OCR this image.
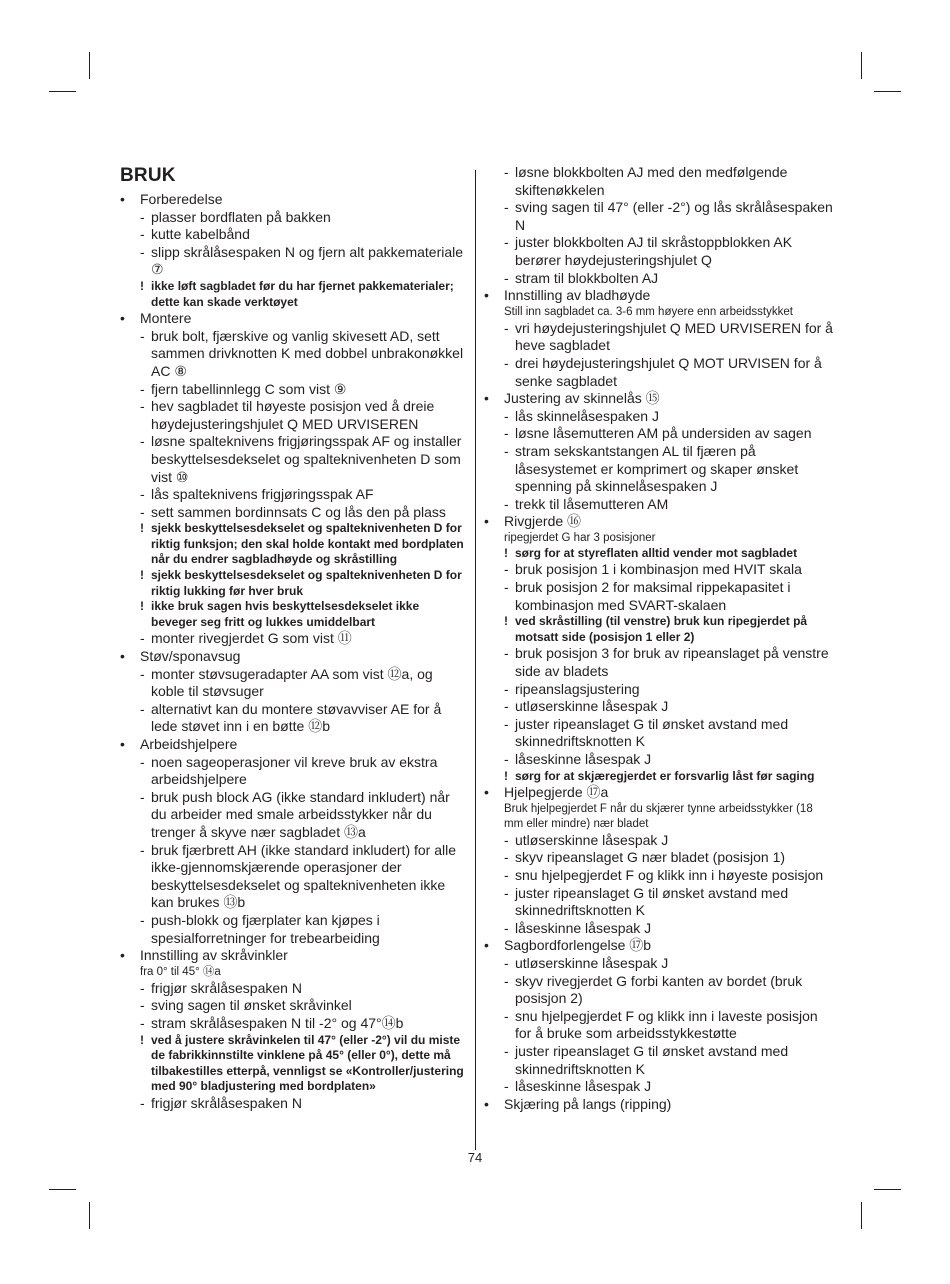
BRUK
• Forberedelse
- plasser bordflaten på bakken
- kutte kabelbånd
- slipp skrålåsespaken N og fjern alt pakkemateriale ⑦
! ikke løft sagbladet før du har fjernet pakkematerialer; dette kan skade verktøyet
• Montere
- bruk bolt, fjærskive og vanlig skivesett AD, sett sammen drivknotten K med dobbel unbrakonøkkel AC ⑧
- fjern tabellinnlegg C som vist ⑨
- hev sagbladet til høyeste posisjon ved å dreie høydejusteringshjulet Q MED URVISEREN
- løsne spalteknivens frigjøringsspak AF og installer beskyttelsesdekselet og spalteknivenheten D som vist ⑩
- lås spalteknivens frigjøringsspak AF
- sett sammen bordinnsats C og lås den på plass
! sjekk beskyttelsesdekselet og spalteknivenheten D for riktig funksjon; den skal holde kontakt med bordplaten når du endrer sagbladhøyde og skråstilling
! sjekk beskyttelsesdekselet og spalteknivenheten D for riktig lukking før hver bruk
! ikke bruk sagen hvis beskyttelsesdekselet ikke beveger seg fritt og lukkes umiddelbart
- monter rivegjerdet G som vist ⑪
• Støv/sponavsug
- monter støvsugeradapter AA som vist ⑫a, og koble til støvsuger
- alternativt kan du montere støvavviser AE for å lede støvet inn i en bøtte ⑫b
• Arbeidshjelpere
- noen sageoperasjoner vil kreve bruk av ekstra arbeidshjelpere
- bruk push block AG (ikke standard inkludert) når du arbeider med smale arbeidsstykker når du trenger å skyve nær sagbladet ⑬a
- bruk fjærbrett AH (ikke standard inkludert) for alle ikke-gjennomskjærende operasjoner der beskyttelsesdekselet og spalteknivenheten ikke kan brukes ⑬b
- push-blokk og fjærplater kan kjøpes i spesialforretninger for trebearbeiding
• Innstilling av skråvinkler
fra 0° til 45° ⑭a
- frigjør skrålåsespaken N
- sving sagen til ønsket skråvinkel
- stram skrålåsespaken N til -2° og 47°⑭b
! ved å justere skråvinkelen til 47° (eller -2°) vil du miste de fabrikkinnstilte vinklene på 45° (eller 0°), dette må tilbakestilles etterpå, vennligst se «Kontroller/justering med 90° bladjustering med bordplaten»
- frigjør skrålåsespaken N
- løsne blokkbolten AJ med den medfølgende skiftenøkkelen
- sving sagen til 47° (eller -2°) og lås skrålåsespaken N
- juster blokkbolten AJ til skråstoppblokken AK berører høydejusteringshjulet Q
- stram til blokkbolten AJ
• Innstilling av bladhøyde
Still inn sagbladet ca. 3-6 mm høyere enn arbeidsstykket
- vri høydejusteringshjulet Q MED URVISEREN for å heve sagbladet
- drei høydejusteringshjulet Q MOT URVISEN for å senke sagbladet
• Justering av skinnelås ⑮
- lås skinnelåsespaken J
- løsne låsemutteren AM på undersiden av sagen
- stram sekskantstangen AL til fjæren på låsesystemet er komprimert og skaper ønsket spenning på skinnelåsespaken J
- trekk til låsemutteren AM
• Rivgjerde ⑯
ripegjerdet G har 3 posisjoner
! sørg for at styreflaten alltid vender mot sagbladet
- bruk posisjon 1 i kombinasjon med HVIT skala
- bruk posisjon 2 for maksimal rippekapasitet i kombinasjon med SVART-skalaen
! ved skråstilling (til venstre) bruk kun ripegjerdet på motsatt side (posisjon 1 eller 2)
- bruk posisjon 3 for bruk av ripeanslaget på venstre side av bladets
- ripeanslagsjustering
- utløserskinne låsespak J
- juster ripeanslaget G til ønsket avstand med skinnedriftsknotten K
- låseskinne låsespak J
! sørg for at skjæregjerdet er forsvarlig låst før saging
• Hjelpegjerde ⑰a
Bruk hjelpegjerdet F når du skjærer tynne arbeidsstykker (18 mm eller mindre) nær bladet
- utløserskinne låsespak J
- skyv ripeanslaget G nær bladet (posisjon 1)
- snu hjelpegjerdet F og klikk inn i høyeste posisjon
- juster ripeanslaget G til ønsket avstand med skinnedriftsknotten K
- låseskinne låsespak J
• Sagbordforlengelse ⑰b
- utløserskinne låsespak J
- skyv rivegjerdet G forbi kanten av bordet (bruk posisjon 2)
- snu hjelpegjerdet F og klikk inn i laveste posisjon for å bruke som arbeidsstykkestøtte
- juster ripeanslaget G til ønsket avstand med skinnedriftsknotten K
- låseskinne låsespak J
• Skjæring på langs (ripping)
74
